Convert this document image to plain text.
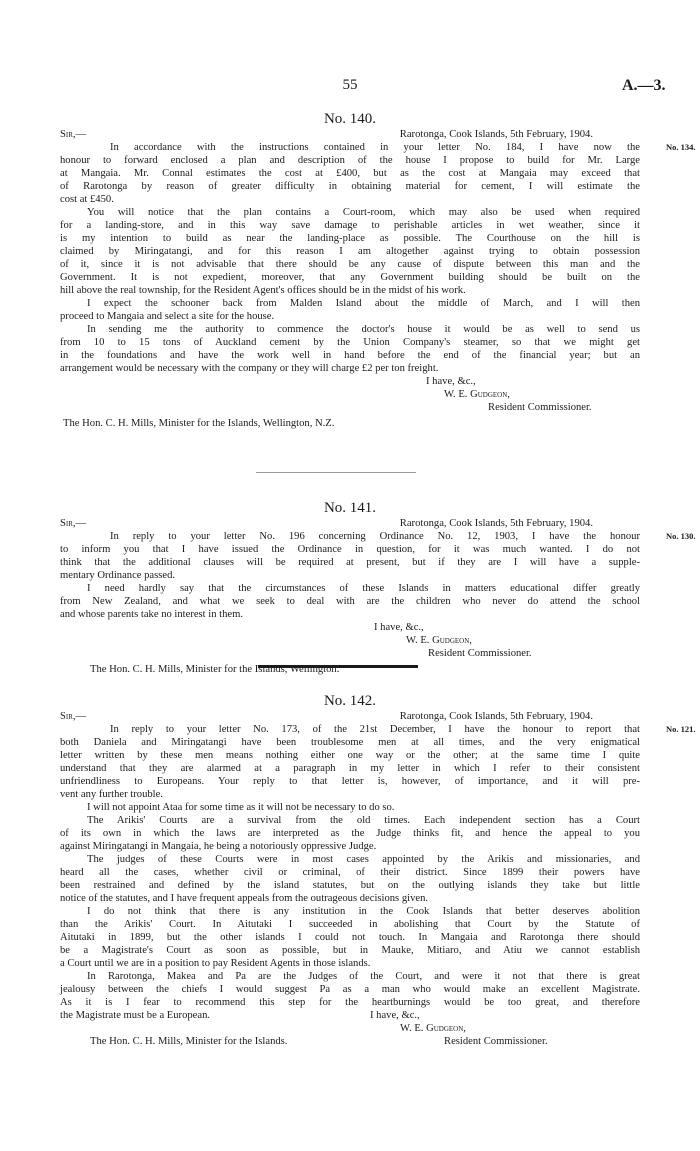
55	A.—3.
No. 140.
Sir,—	Rarotonga, Cook Islands, 5th February, 1904.
In accordance with the instructions contained in your letter No. 184, I have now the	No. 134.
honour to forward enclosed a plan and description of the house I propose to build for Mr. Large
at Mangaia. Mr. Connal estimates the cost at £400, but as the cost at Mangaia may exceed that
of Rarotonga by reason of greater difficulty in obtaining material for cement, I will estimate the
cost at £450.
You will notice that the plan contains a Court-room, which may also be used when required
for a landing-store, and in this way save damage to perishable articles in wet weather, since it
is my intention to build as near the landing-place as possible. The Courthouse on the hill is
claimed by Miringatangi, and for this reason I am altogether against trying to obtain possession
of it, since it is not advisable that there should be any cause of dispute between this man and the
Government. It is not expedient, moreover, that any Government building should be built on the
hill above the real township, for the Resident Agent's offices should be in the midst of his work.
I expect the schooner back from Malden Island about the middle of March, and I will then
proceed to Mangaia and select a site for the house.
In sending me the authority to commence the doctor's house it would be as well to send us
from 10 to 15 tons of Auckland cement by the Union Company's steamer, so that we might get
in the foundations and have the work well in hand before the end of the financial year; but an
arrangement would be necessary with the company or they will charge £2 per ton freight.
I have, &c.,
W. E. Gudgeon,
Resident Commissioner.
The Hon. C. H. Mills, Minister for the Islands, Wellington, N.Z.
No. 141.
Sir,—	Rarotonga, Cook Islands, 5th February, 1904.
In reply to your letter No. 196 concerning Ordinance No. 12, 1903, I have the honour	No. 130.
to inform you that I have issued the Ordinance in question, for it was much wanted. I do not
think that the additional clauses will be required at present, but if they are I will have a supple-
mentary Ordinance passed.
I need hardly say that the circumstances of these Islands in matters educational differ greatly
from New Zealand, and what we seek to deal with are the children who never do attend the school
and whose parents take no interest in them.
I have, &c.,
W. E. Gudgeon,
Resident Commissioner.
The Hon. C. H. Mills, Minister for the Islands, Wellington.
No. 142.
Sir,—	Rarotonga, Cook Islands, 5th February, 1904.
In reply to your letter No. 173, of the 21st December, I have the honour to report that	No. 121.
both Daniela and Miringatangi have been troublesome men at all times, and the very enigmatical
letter written by these men means nothing either one way or the other; at the same time I quite
understand that they are alarmed at a paragraph in my letter in which I refer to their consistent
unfriendliness to Europeans. Your reply to that letter is, however, of importance, and it will pre-
vent any further trouble.
I will not appoint Ataa for some time as it will not be necessary to do so.
The Arikis' Courts are a survival from the old times. Each independent section has a Court
of its own in which the laws are interpreted as the Judge thinks fit, and hence the appeal to you
against Miringatangi in Mangaia, he being a notoriously oppressive Judge.
The judges of these Courts were in most cases appointed by the Arikis and missionaries, and
heard all the cases, whether civil or criminal, of their district. Since 1899 their powers have
been restrained and defined by the island statutes, but on the outlying islands they take but little
notice of the statutes, and I have frequent appeals from the outrageous decisions given.
I do not think that there is any institution in the Cook Islands that better deserves abolition
than the Arikis' Court. In Aitutaki I succeeded in abolishing that Court by the Statute of
Aitutaki in 1899, but the other islands I could not touch. In Mangaia and Rarotonga there should
be a Magistrate's Court as soon as possible, but in Mauke, Mitiaro, and Atiu we cannot establish
a Court until we are in a position to pay Resident Agents in those islands.
In Rarotonga, Makea and Pa are the Judges of the Court, and were it not that there is great
jealousy between the chiefs I would suggest Pa as a man who would make an excellent Magistrate.
As it is I fear to recommend this step for the heartburnings would be too great, and therefore
the Magistrate must be a European.	I have, &c.,
W. E. Gudgeon,
The Hon. C. H. Mills, Minister for the Islands.	Resident Commissioner.
